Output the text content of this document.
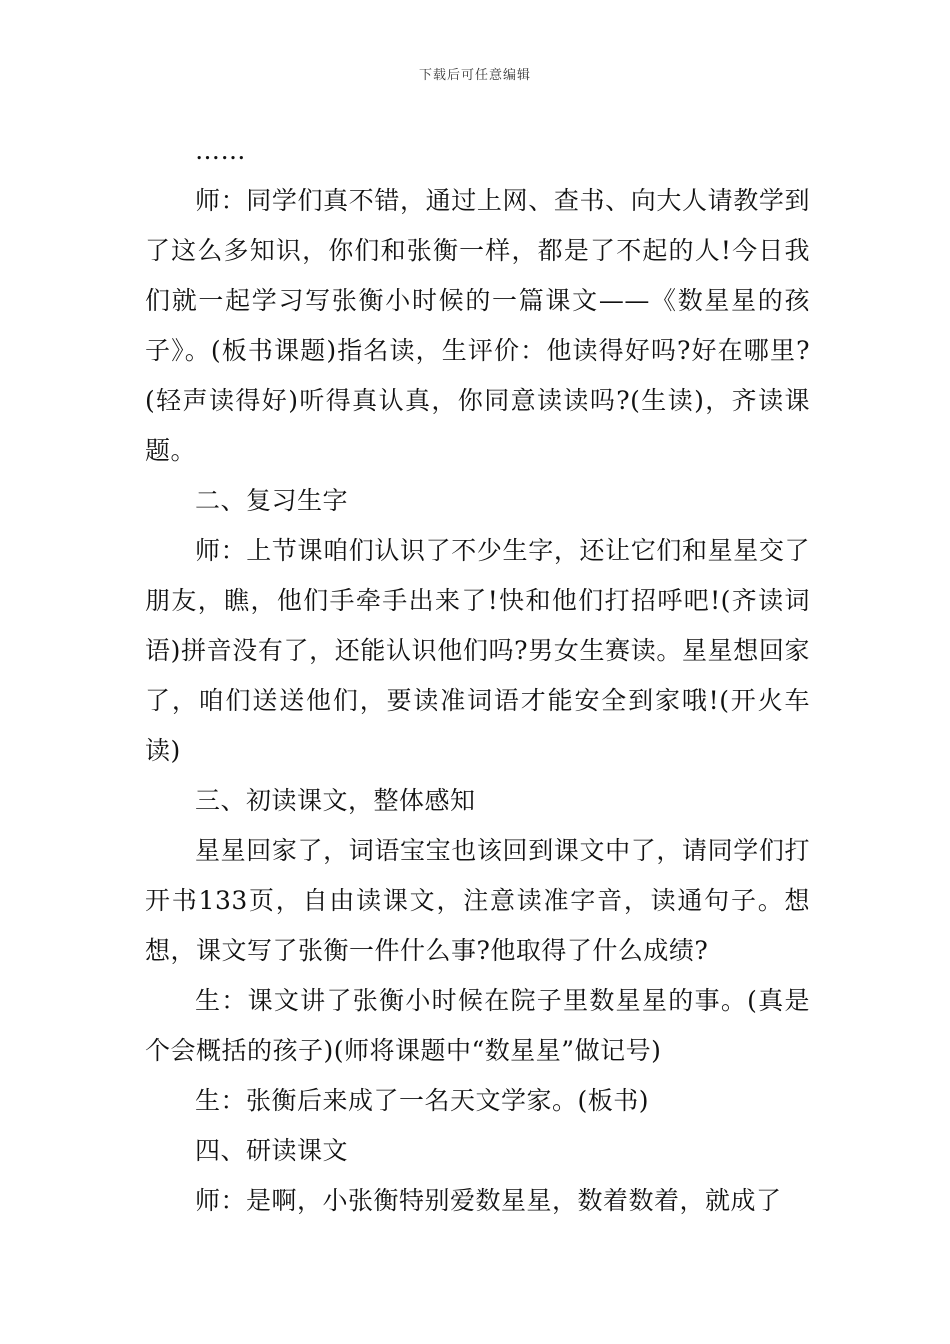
下载后可任意编辑

……

师：同学们真不错，通过上网、查书、向大人请教学到了这么多知识，你们和张衡一样，都是了不起的人!今日我们就一起学习写张衡小时候的一篇课文——《数星星的孩子》。(板书课题)指名读，生评价：他读得好吗?好在哪里?(轻声读得好)听得真认真，你同意读读吗?(生读)，齐读课题。

二、复习生字

师：上节课咱们认识了不少生字，还让它们和星星交了朋友，瞧，他们手牵手出来了!快和他们打招呼吧!(齐读词语)拼音没有了，还能认识他们吗?男女生赛读。星星想回家了，咱们送送他们，要读准词语才能安全到家哦!(开火车读)

三、初读课文，整体感知

星星回家了，词语宝宝也该回到课文中了，请同学们打开书133页，自由读课文，注意读准字音，读通句子。想想，课文写了张衡一件什么事?他取得了什么成绩?

生：课文讲了张衡小时候在院子里数星星的事。(真是个会概括的孩子)(师将课题中“数星星”做记号)

生：张衡后来成了一名天文学家。(板书)

四、研读课文

师：是啊，小张衡特别爱数星星，数着数着，就成了
